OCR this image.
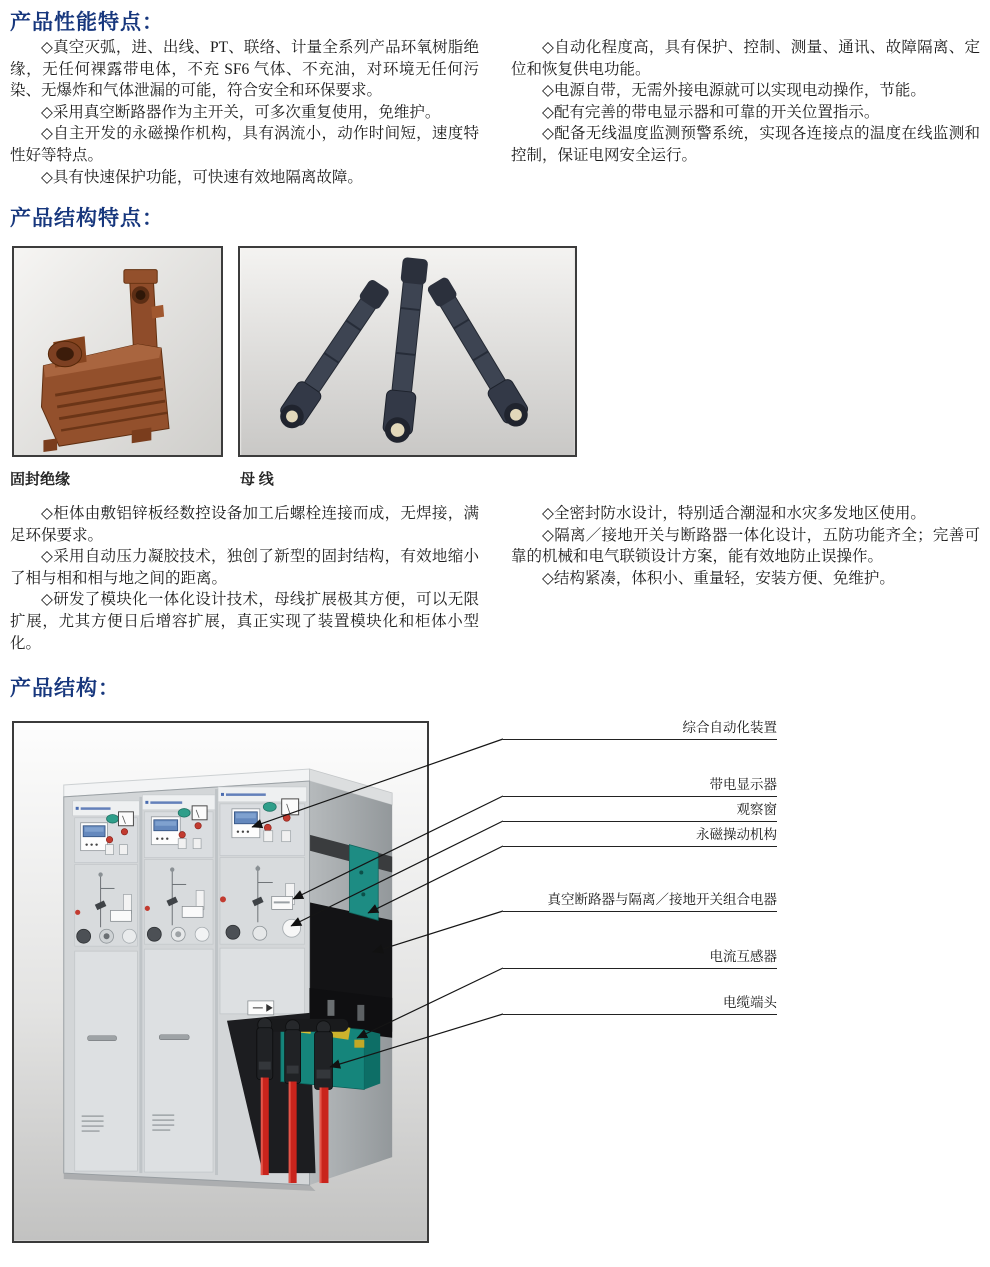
产品性能特点：

◇真空灭弧，进、出线、PT、联络、计量全系列产品环氧树脂绝缘，无任何裸露带电体，不充 SF6 气体、不充油，对环境无任何污染、无爆炸和气体泄漏的可能，符合安全和环保要求。

◇采用真空断路器作为主开关，可多次重复使用，免维护。

◇自主开发的永磁操作机构，具有涡流小，动作时间短，速度特性好等特点。

◇具有快速保护功能，可快速有效地隔离故障。

◇自动化程度高，具有保护、控制、测量、通讯、故障隔离、定位和恢复供电功能。

◇电源自带，无需外接电源就可以实现电动操作，节能。

◇配有完善的带电显示器和可靠的开关位置指示。

◇配备无线温度监测预警系统，实现各连接点的温度在线监测和控制，保证电网安全运行。

产品结构特点：
固封绝缘	母 线

◇柜体由敷铝锌板经数控设备加工后螺栓连接而成，无焊接，满足环保要求。

◇采用自动压力凝胶技术，独创了新型的固封结构，有效地缩小了相与相和相与地之间的距离。

◇研发了模块化一体化设计技术，母线扩展极其方便，可以无限扩展，尤其方便日后增容扩展，真正实现了装置模块化和柜体小型化。

◇全密封防水设计，特别适合潮湿和水灾多发地区使用。

◇隔离／接地开关与断路器一体化设计，五防功能齐全；完善可靠的机械和电气联锁设计方案，能有效地防止误操作。

◇结构紧凑，体积小、重量轻，安装方便、免维护。

产品结构：
综合自动化装置
带电显示器
观察窗
永磁操动机构
真空断路器与隔离／接地开关组合电器
电流互感器
电缆端头
